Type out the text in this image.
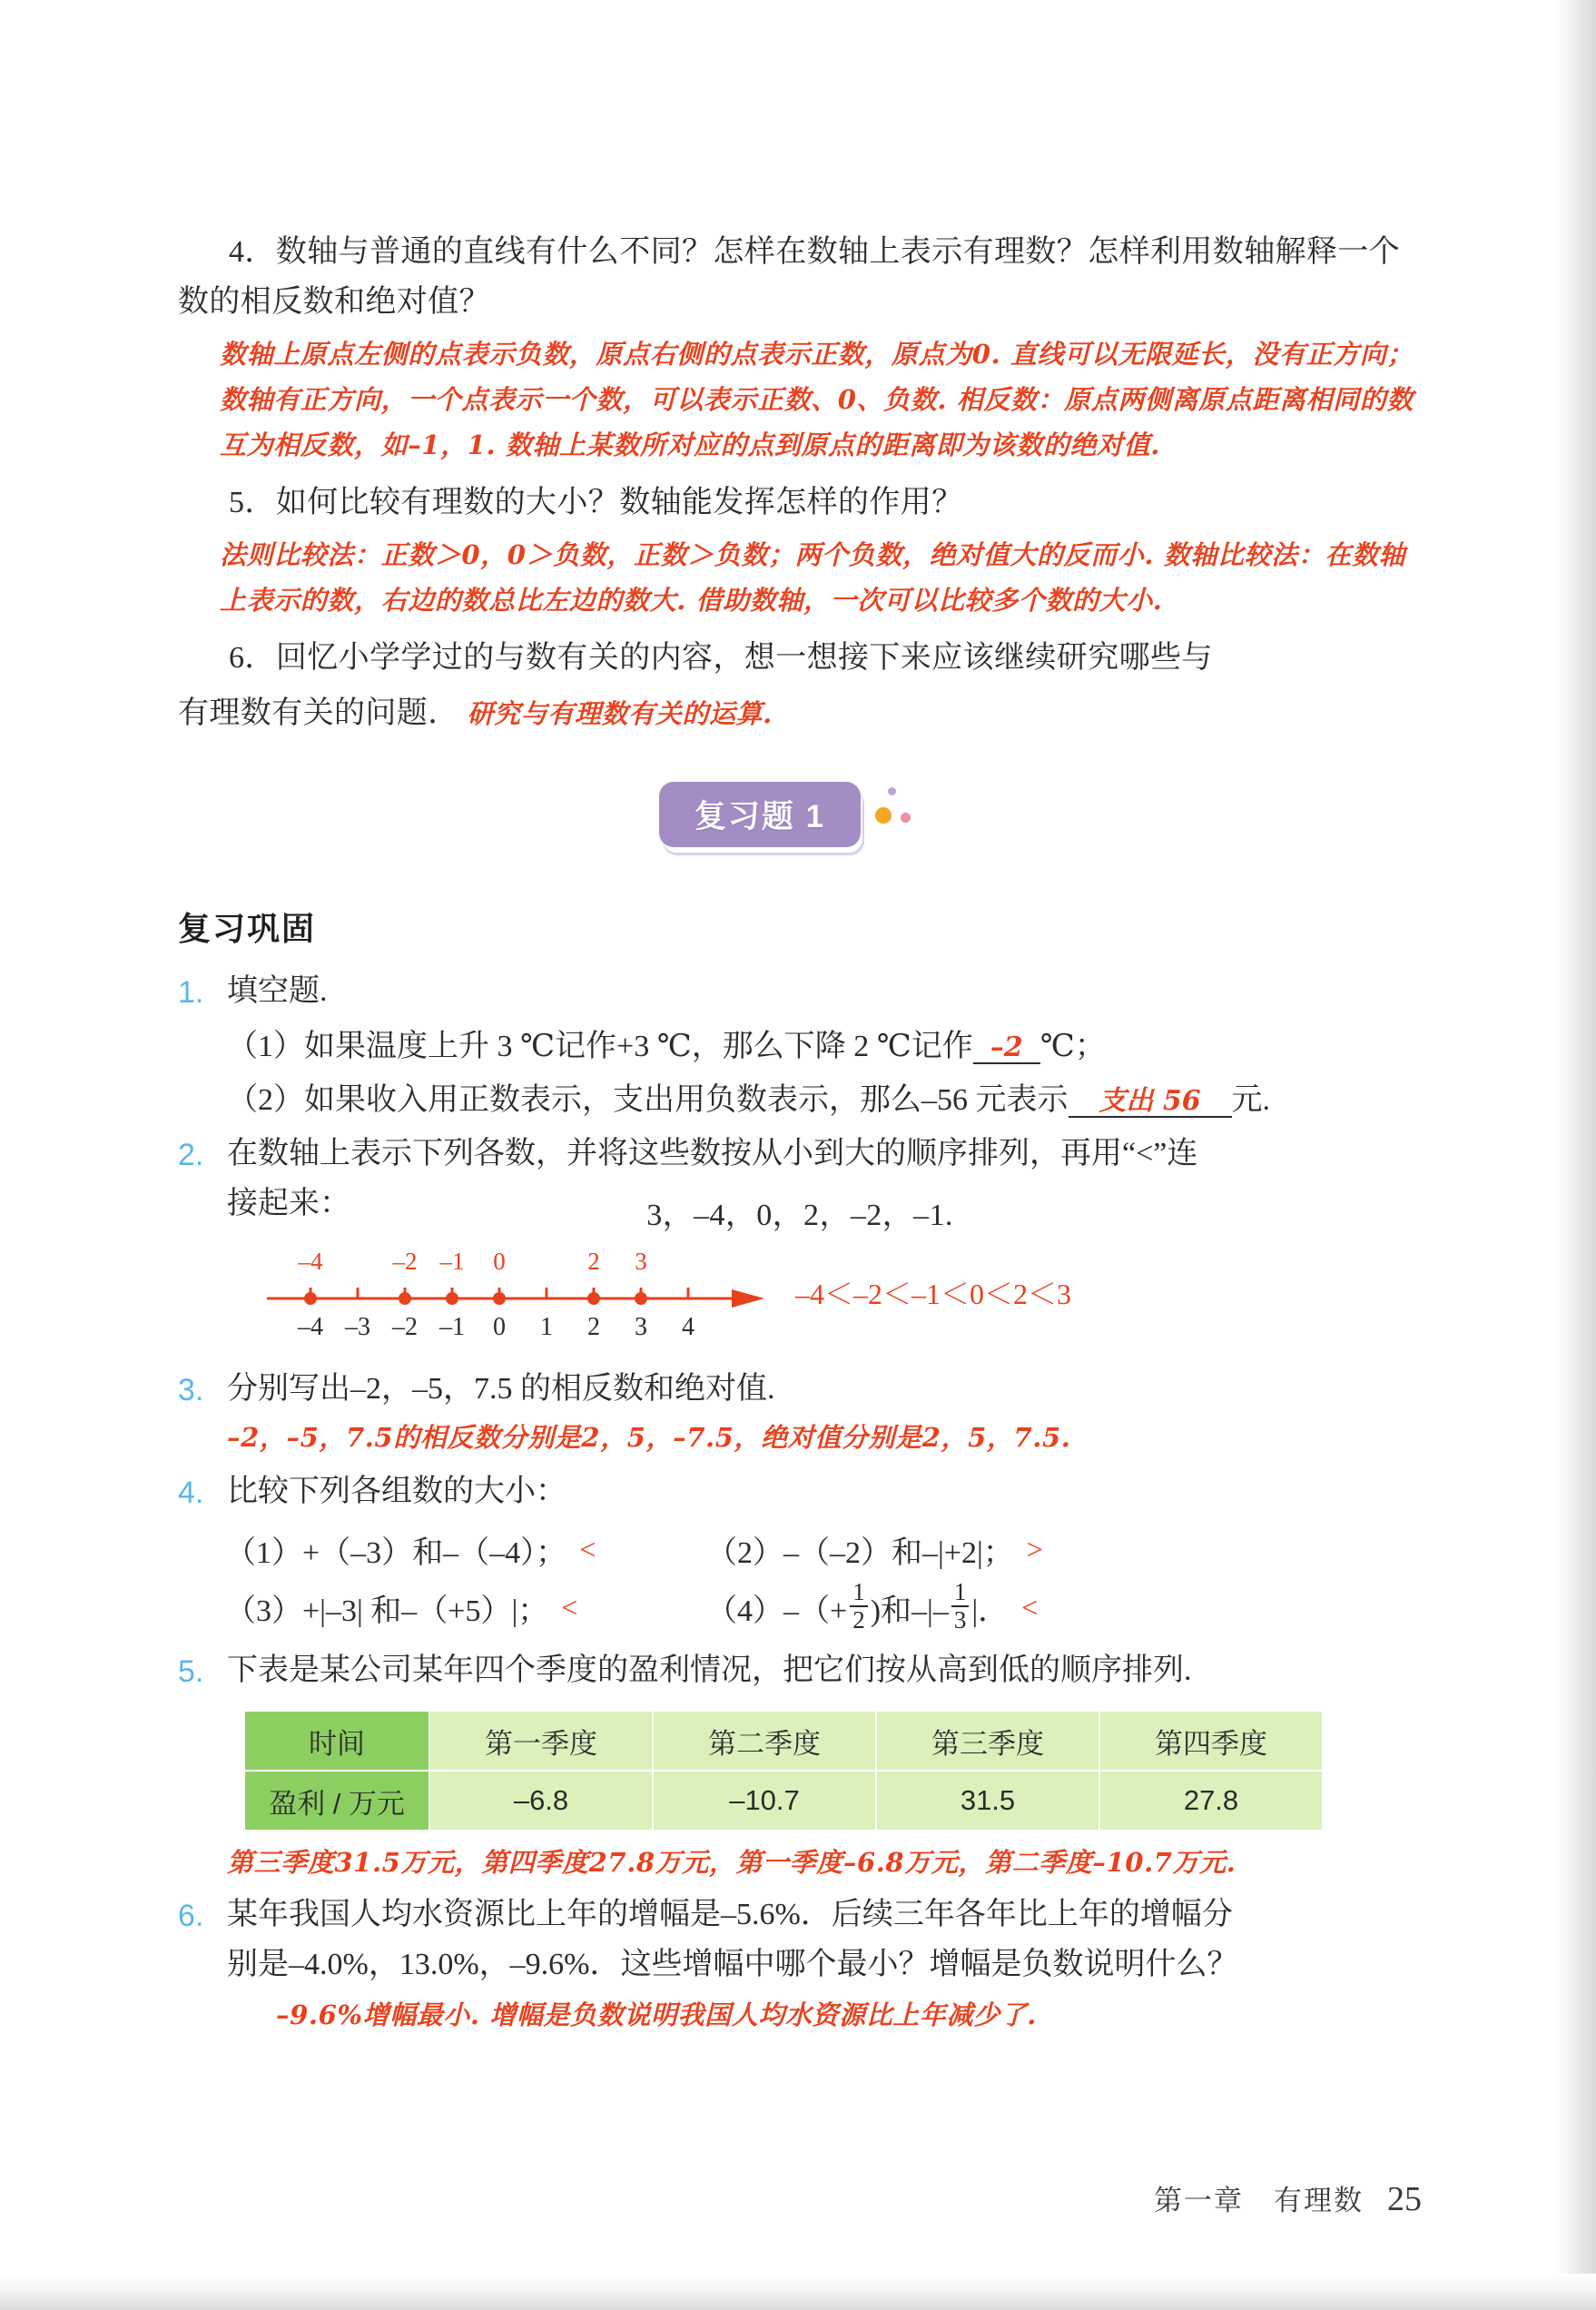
4．数轴与普通的直线有什么不同？怎样在数轴上表示有理数？怎样利用数轴解释一个数的相反数和绝对值？
数轴上原点左侧的点表示负数，原点右侧的点表示正数，原点为0. 直线可以无限延长，没有正方向；数轴有正方向，一个点表示一个数，可以表示正数、0、负数. 相反数：原点两侧离原点距离相同的数互为相反数，如–1，1. 数轴上某数所对应的点到原点的距离即为该数的绝对值.
5．如何比较有理数的大小？数轴能发挥怎样的作用？
法则比较法：正数＞0，0＞负数，正数＞负数；两个负数，绝对值大的反而小. 数轴比较法：在数轴上表示的数，右边的数总比左边的数大. 借助数轴，一次可以比较多个数的大小.
6．回忆小学学过的与数有关的内容，想一想接下来应该继续研究哪些与
有理数有关的问题． 研究与有理数有关的运算.
复习题 1
复习巩固
1. 填空题.
（1）如果温度上升 3 ℃记作+3 ℃，那么下降 2 ℃记作 –2 ℃；
（2）如果收入用正数表示，支出用负数表示，那么–56 元表示 支出 56 元.
2. 在数轴上表示下列各数，并将这些数按从小到大的顺序排列，再用“<”连
接起来：	3，–4，0，2，–2，–1.
–4	–2 –1 0	2 3
–4 –3 –2 –1 0 1 2 3 4
–4＜–2＜–1＜0＜2＜3
3. 分别写出–2，–5，7.5 的相反数和绝对值.
–2，–5，7.5的相反数分别是2，5，–7.5，绝对值分别是2，5，7.5.
4. 比较下列各组数的大小：
（1） +（–3）和–（–4）； <	（2） –（–2）和–|+2|； >
（3） +|–3| 和–（+5）|； <	（4） –（+ $\frac{1}{2}$ )和–|– $\frac{1}{3}$ |． <
5. 下表是某公司某年四个季度的盈利情况，把它们按从高到低的顺序排列.
时间	第一季度	第二季度	第三季度	第四季度
盈利 / 万元	–6.8	–10.7	31.5	27.8
第三季度31.5万元，第四季度27.8万元，第一季度–6.8万元，第二季度–10.7万元.
6. 某年我国人均水资源比上年的增幅是–5.6%．后续三年各年比上年的增幅分
别是–4.0%，13.0%，–9.6%．这些增幅中哪个最小？增幅是负数说明什么？
–9.6%增幅最小. 增幅是负数说明我国人均水资源比上年减少了.
第一章　有理数 25
